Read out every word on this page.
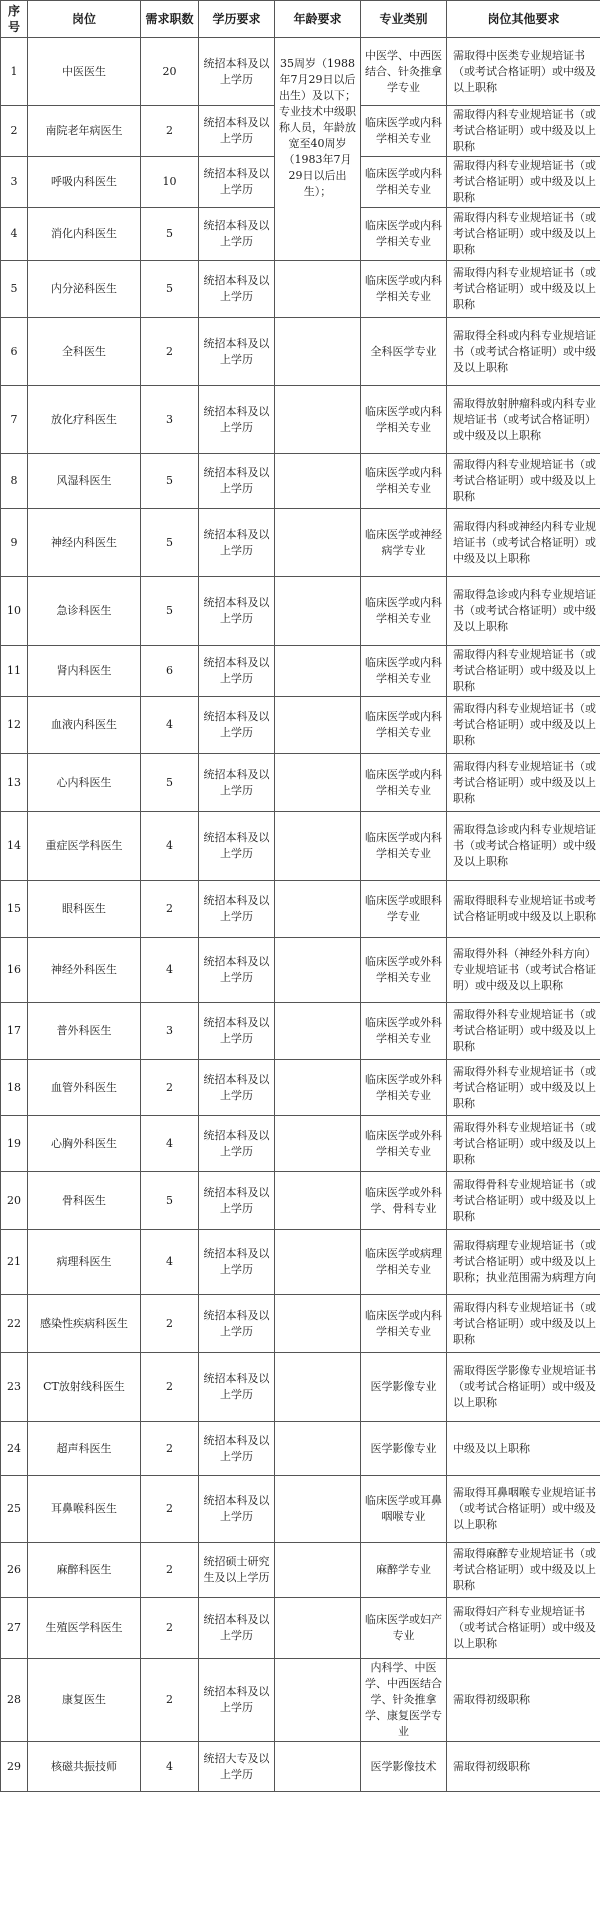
序号	岗位	需求职数	学历要求	年龄要求	专业类别	岗位其他要求
1	中医医生	20	统招本科及以上学历	35周岁（1988年7月29日以后出生）及以下；专业技术中级职称人员，年龄放宽至40周岁（1983年7月29日以后出生）；	中医学、中西医结合、针灸推拿学专业	需取得中医类专业规培证书（或考试合格证明）或中级及以上职称
2	南院老年病医生	2	统招本科及以上学历		临床医学或内科学相关专业	需取得内科专业规培证书（或考试合格证明）或中级及以上职称
3	呼吸内科医生	10	统招本科及以上学历		临床医学或内科学相关专业	需取得内科专业规培证书（或考试合格证明）或中级及以上职称
4	消化内科医生	5	统招本科及以上学历		临床医学或内科学相关专业	需取得内科专业规培证书（或考试合格证明）或中级及以上职称
5	内分泌科医生	5	统招本科及以上学历		临床医学或内科学相关专业	需取得内科专业规培证书（或考试合格证明）或中级及以上职称
6	全科医生	2	统招本科及以上学历		全科医学专业	需取得全科或内科专业规培证书（或考试合格证明）或中级及以上职称
7	放化疗科医生	3	统招本科及以上学历		临床医学或内科学相关专业	需取得放射肿瘤科或内科专业规培证书（或考试合格证明）或中级及以上职称
8	风湿科医生	5	统招本科及以上学历		临床医学或内科学相关专业	需取得内科专业规培证书（或考试合格证明）或中级及以上职称
9	神经内科医生	5	统招本科及以上学历		临床医学或神经病学专业	需取得内科或神经内科专业规培证书（或考试合格证明）或中级及以上职称
10	急诊科医生	5	统招本科及以上学历		临床医学或内科学相关专业	需取得急诊或内科专业规培证书（或考试合格证明）或中级及以上职称
11	肾内科医生	6	统招本科及以上学历		临床医学或内科学相关专业	需取得内科专业规培证书（或考试合格证明）或中级及以上职称
12	血液内科医生	4	统招本科及以上学历		临床医学或内科学相关专业	需取得内科专业规培证书（或考试合格证明）或中级及以上职称
13	心内科医生	5	统招本科及以上学历		临床医学或内科学相关专业	需取得内科专业规培证书（或考试合格证明）或中级及以上职称
14	重症医学科医生	4	统招本科及以上学历		临床医学或内科学相关专业	需取得急诊或内科专业规培证书（或考试合格证明）或中级及以上职称
15	眼科医生	2	统招本科及以上学历		临床医学或眼科学专业	需取得眼科专业规培证书或考试合格证明或中级及以上职称
16	神经外科医生	4	统招本科及以上学历		临床医学或外科学相关专业	需取得外科（神经外科方向）专业规培证书（或考试合格证明）或中级及以上职称
17	普外科医生	3	统招本科及以上学历		临床医学或外科学相关专业	需取得外科专业规培证书（或考试合格证明）或中级及以上职称
18	血管外科医生	2	统招本科及以上学历		临床医学或外科学相关专业	需取得外科专业规培证书（或考试合格证明）或中级及以上职称
19	心胸外科医生	4	统招本科及以上学历		临床医学或外科学相关专业	需取得外科专业规培证书（或考试合格证明）或中级及以上职称
20	骨科医生	5	统招本科及以上学历		临床医学或外科学、骨科专业	需取得骨科专业规培证书（或考试合格证明）或中级及以上职称
21	病理科医生	4	统招本科及以上学历		临床医学或病理学相关专业	需取得病理专业规培证书（或考试合格证明）或中级及以上职称；执业范围需为病理方向
22	感染性疾病科医生	2	统招本科及以上学历		临床医学或内科学相关专业	需取得内科专业规培证书（或考试合格证明）或中级及以上职称
23	CT放射线科医生	2	统招本科及以上学历		医学影像专业	需取得医学影像专业规培证书（或考试合格证明）或中级及以上职称
24	超声科医生	2	统招本科及以上学历		医学影像专业	中级及以上职称
25	耳鼻喉科医生	2	统招本科及以上学历		临床医学或耳鼻咽喉专业	需取得耳鼻咽喉专业规培证书（或考试合格证明）或中级及以上职称
26	麻醉科医生	2	统招硕士研究生及以上学历		麻醉学专业	需取得麻醉专业规培证书（或考试合格证明）或中级及以上职称
27	生殖医学科医生	2	统招本科及以上学历		临床医学或妇产专业	需取得妇产科专业规培证书（或考试合格证明）或中级及以上职称
28	康复医生	2	统招本科及以上学历		内科学、中医学、中西医结合学、针灸推拿学、康复医学专业	需取得初级职称
29	核磁共振技师	4	统招大专及以上学历		医学影像技术	需取得初级职称
